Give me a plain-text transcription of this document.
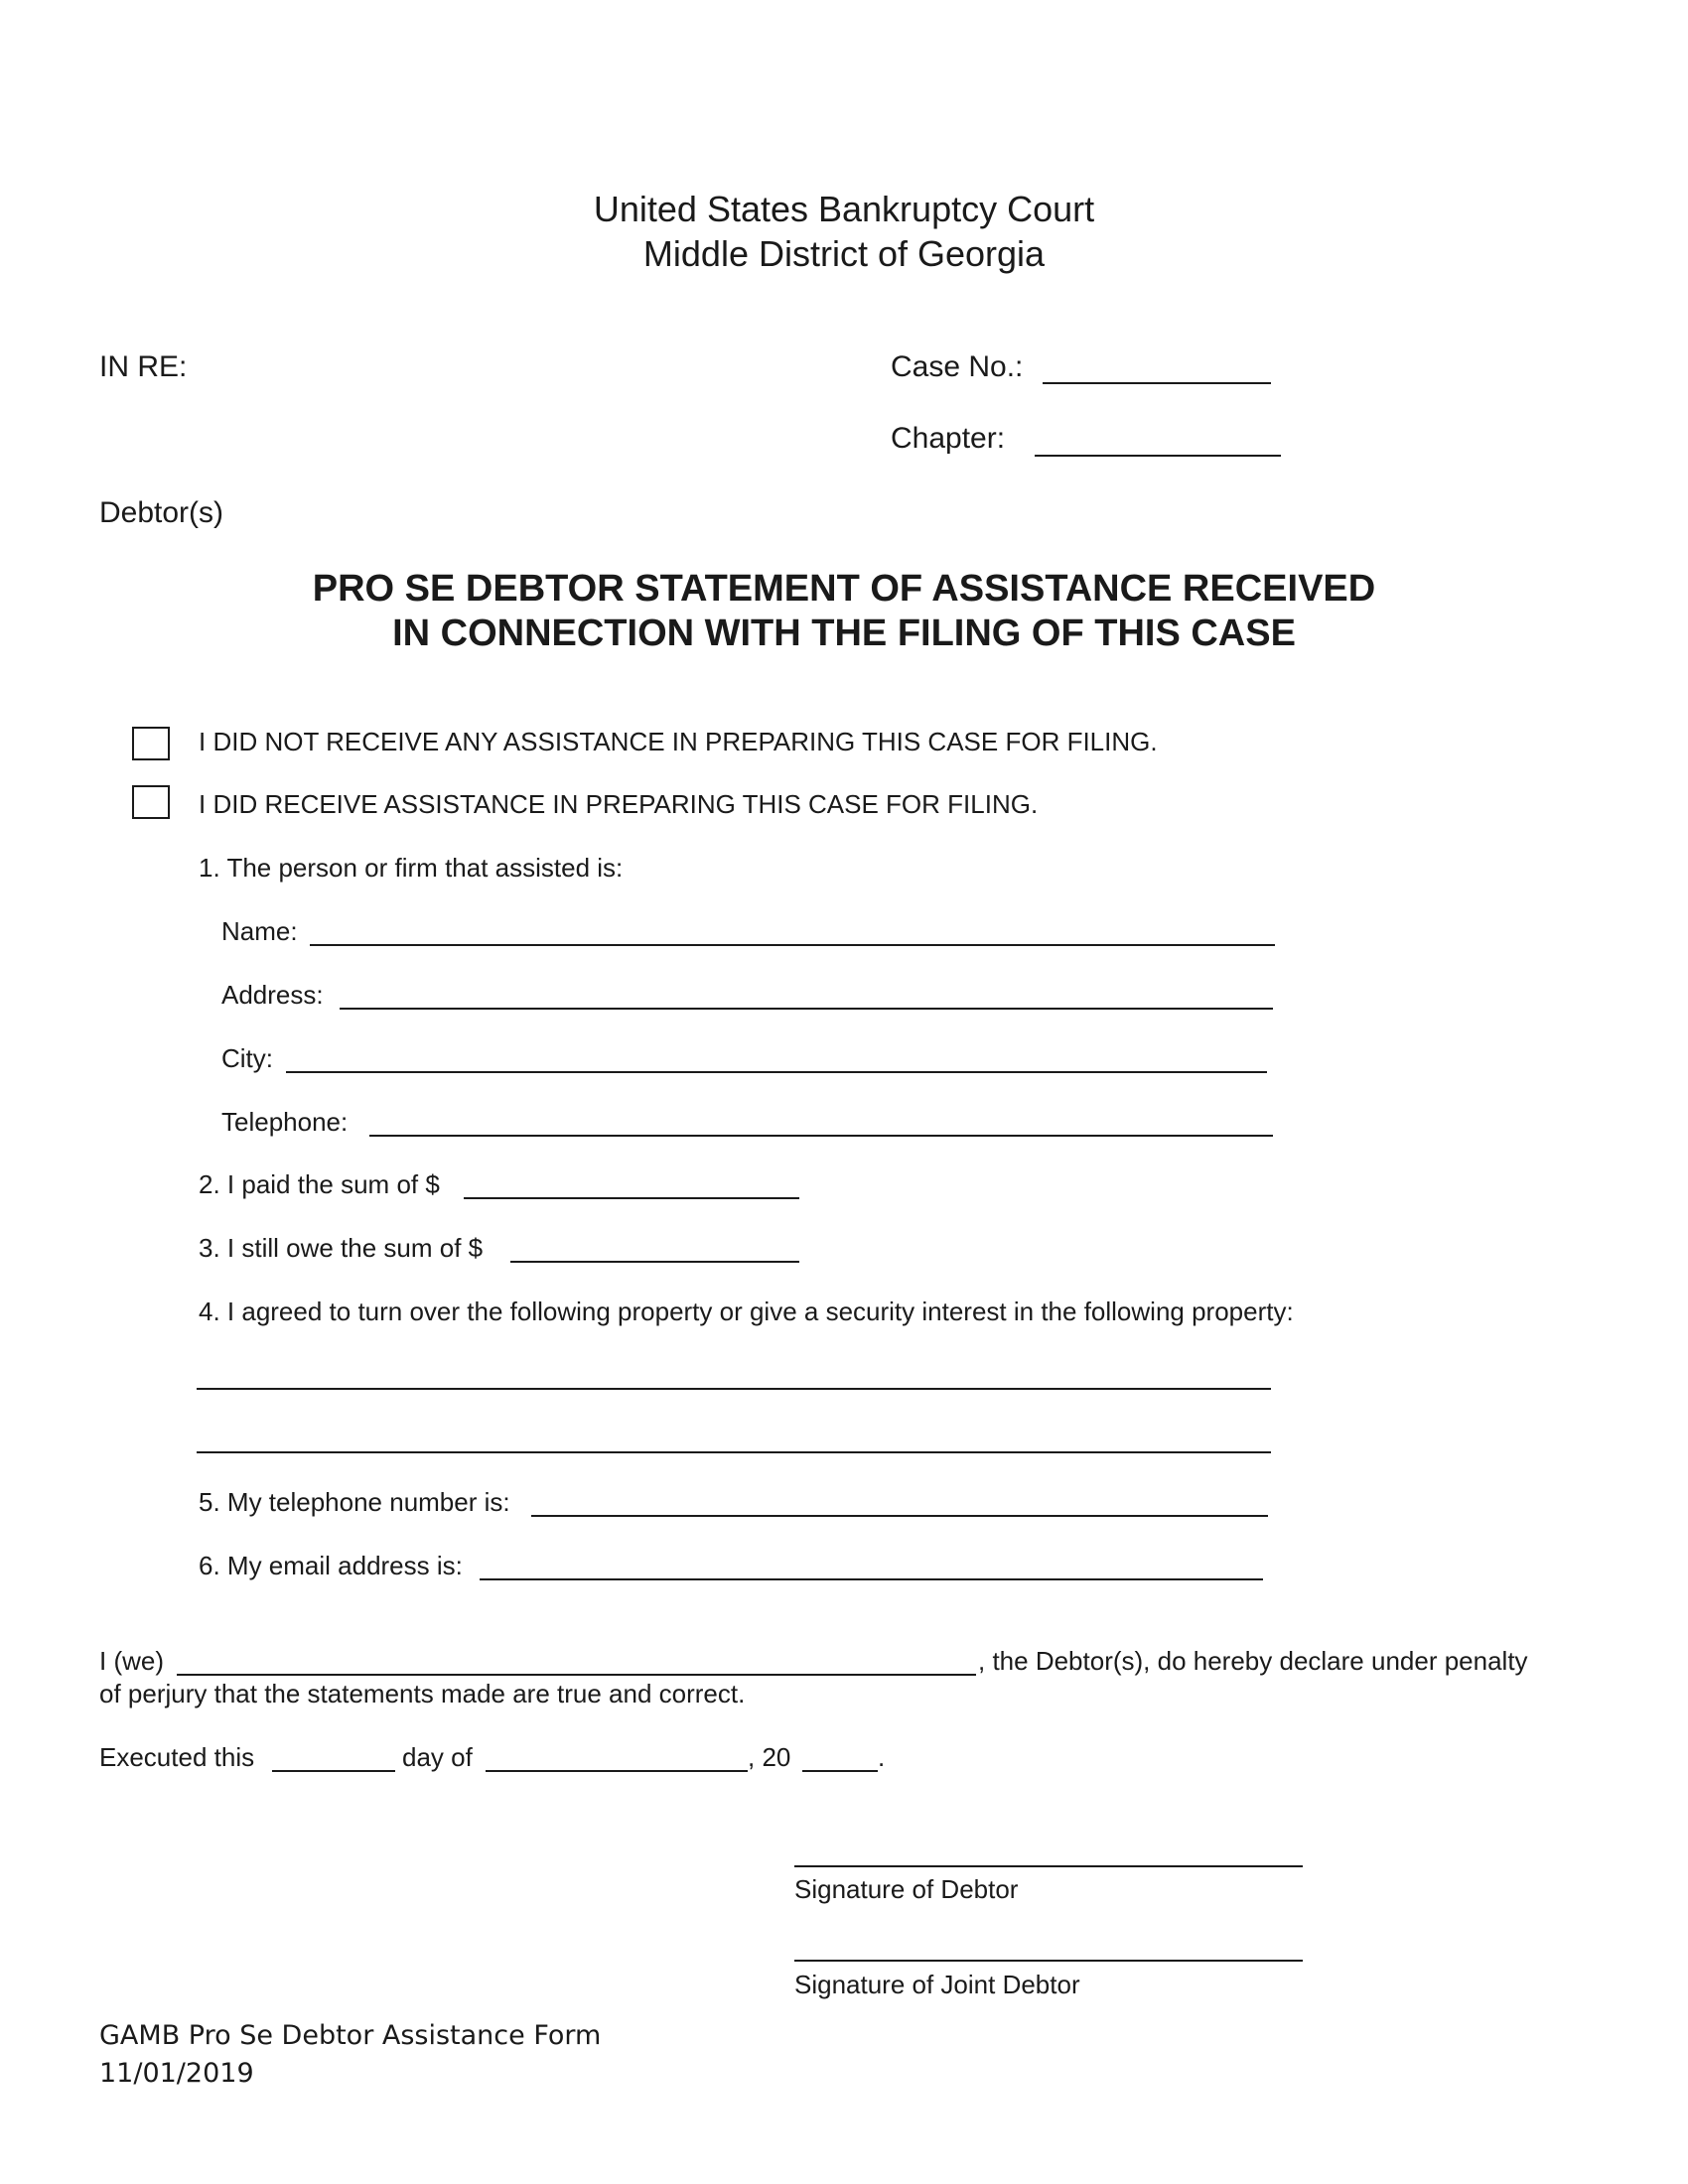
United States Bankruptcy Court
Middle District of Georgia
IN RE:	Case No.:
Chapter:
Debtor(s)
PRO SE DEBTOR STATEMENT OF ASSISTANCE RECEIVED
IN CONNECTION WITH THE FILING OF THIS CASE
I DID NOT RECEIVE ANY ASSISTANCE IN PREPARING THIS CASE FOR FILING.
I DID RECEIVE ASSISTANCE IN PREPARING THIS CASE FOR FILING.
1. The person or firm that assisted is:
Name:
Address:
City:
Telephone:
2. I paid the sum of $
3. I still owe the sum of $
4. I agreed to turn over the following property or give a security interest in the following property:
5. My telephone number is:
6. My email address is:
I (we)	, the Debtor(s), do hereby declare under penalty
of perjury that the statements made are true and correct.
Executed this	day of	, 20	.
Signature of Debtor
Signature of Joint Debtor
GAMB Pro Se Debtor Assistance Form
11/01/2019
